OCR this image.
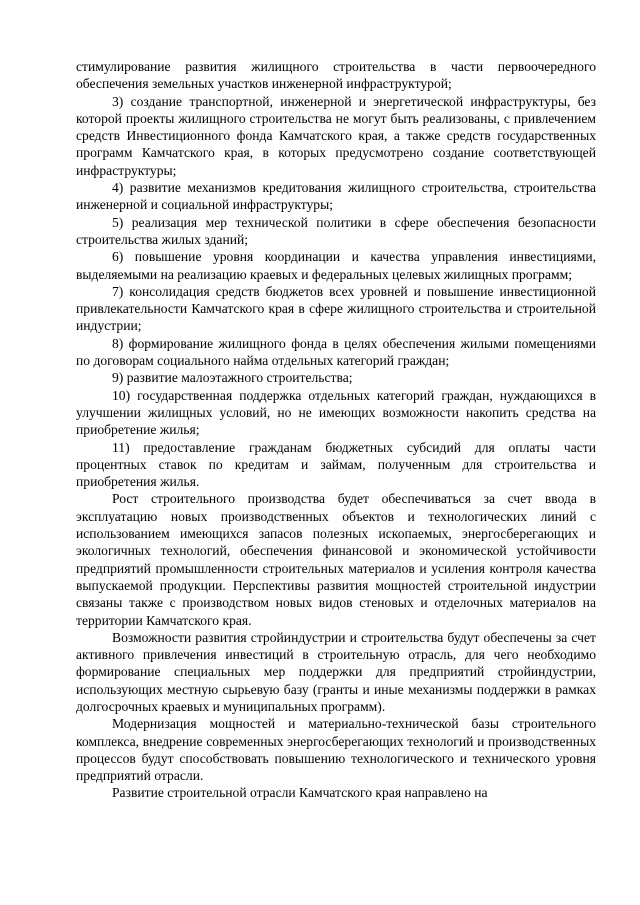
стимулирование развития жилищного строительства в части первоочередного обеспечения земельных участков инженерной инфраструктурой;

3) создание транспортной, инженерной и энергетической инфраструктуры, без которой проекты жилищного строительства не могут быть реализованы, с привлечением средств Инвестиционного фонда Камчатского края, а также средств государственных программ Камчатского края, в которых предусмотрено создание соответствующей инфраструктуры;

4) развитие механизмов кредитования жилищного строительства, строительства инженерной и социальной инфраструктуры;

5) реализация мер технической политики в сфере обеспечения безопасности строительства жилых зданий;

6) повышение уровня координации и качества управления инвестициями, выделяемыми на реализацию краевых и федеральных целевых жилищных программ;

7) консолидация средств бюджетов всех уровней и повышение инвестиционной привлекательности Камчатского края в сфере жилищного строительства и строительной индустрии;

8) формирование жилищного фонда в целях обеспечения жилыми помещениями по договорам социального найма отдельных категорий граждан;

9) развитие малоэтажного строительства;

10) государственная поддержка отдельных категорий граждан, нуждающихся в улучшении жилищных условий, но не имеющих возможности накопить средства на приобретение жилья;

11) предоставление гражданам бюджетных субсидий для оплаты части процентных ставок по кредитам и займам, полученным для строительства и приобретения жилья.

Рост строительного производства будет обеспечиваться за счет ввода в эксплуатацию новых производственных объектов и технологических линий с использованием имеющихся запасов полезных ископаемых, энергосберегающих и экологичных технологий, обеспечения финансовой и экономической устойчивости предприятий промышленности строительных материалов и усиления контроля качества выпускаемой продукции. Перспективы развития мощностей строительной индустрии связаны также с производством новых видов стеновых и отделочных материалов на территории Камчатского края.

Возможности развития стройиндустрии и строительства будут обеспечены за счет активного привлечения инвестиций в строительную отрасль, для чего необходимо формирование специальных мер поддержки для предприятий стройиндустрии, использующих местную сырьевую базу (гранты и иные механизмы поддержки в рамках долгосрочных краевых и муниципальных программ).

Модернизация мощностей и материально-технической базы строительного комплекса, внедрение современных энергосберегающих технологий и производственных процессов будут способствовать повышению технологического и технического уровня предприятий отрасли.

Развитие строительной отрасли Камчатского края направлено на
